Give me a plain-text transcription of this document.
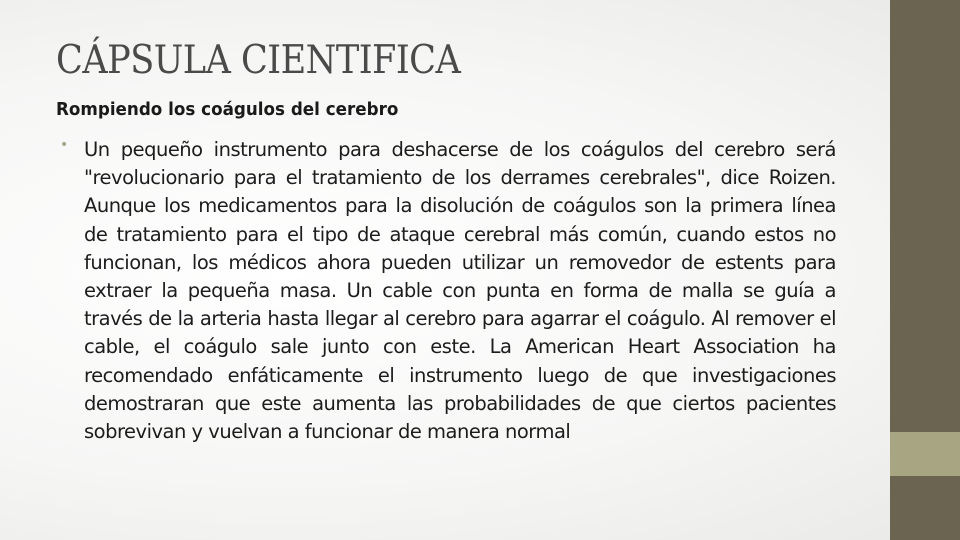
CÁPSULA CIENTIFICA
Rompiendo los coágulos del cerebro
• Un pequeño instrumento para deshacerse de los coágulos del cerebro será "revolucionario para el tratamiento de los derrames cerebrales", dice Roizen. Aunque los medicamentos para la disolución de coágulos son la primera línea de tratamiento para el tipo de ataque cerebral más común, cuando estos no funcionan, los médicos ahora pueden utilizar un removedor de estents para extraer la pequeña masa. Un cable con punta en forma de malla se guía a través de la arteria hasta llegar al cerebro para agarrar el coágulo. Al remover el cable, el coágulo sale junto con este. La American Heart Association ha recomendado enfáticamente el instrumento luego de que investigaciones demostraran que este aumenta las probabilidades de que ciertos pacientes sobrevivan y vuelvan a funcionar de manera normal
